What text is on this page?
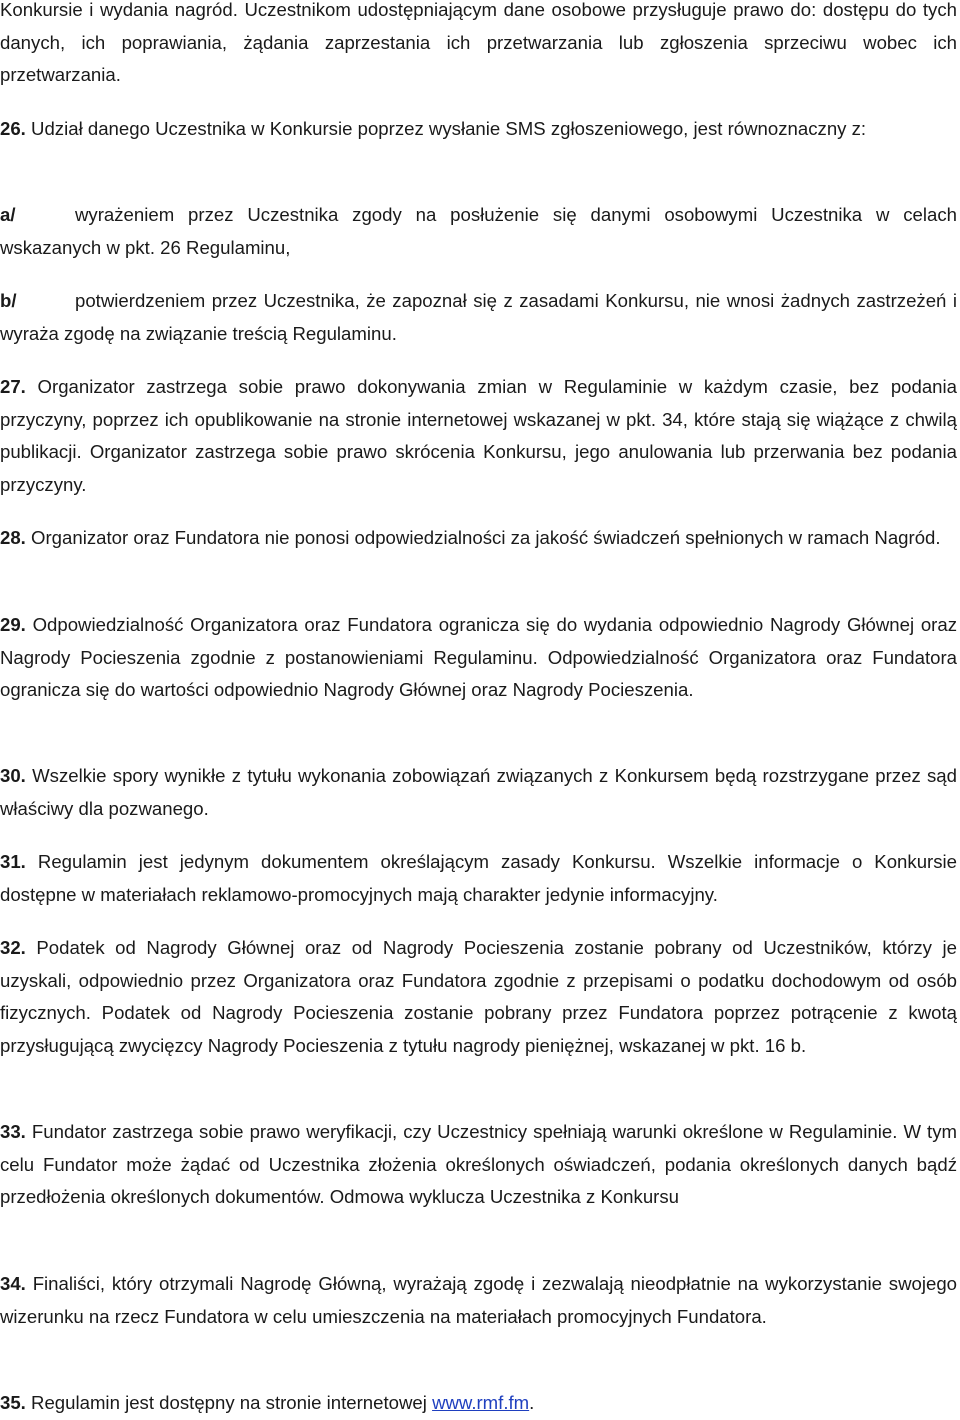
Konkursie i wydania nagród. Uczestnikom udostępniającym dane osobowe przysługuje prawo do: dostępu do tych danych, ich poprawiania, żądania zaprzestania ich przetwarzania lub zgłoszenia sprzeciwu wobec ich przetwarzania.

26. Udział danego Uczestnika w Konkursie poprzez wysłanie SMS zgłoszeniowego, jest równoznaczny z:

a/	wyrażeniem przez Uczestnika zgody na posłużenie się danymi osobowymi Uczestnika w celach wskazanych w pkt. 26 Regulaminu,

b/	potwierdzeniem przez Uczestnika, że zapoznał się z zasadami Konkursu, nie wnosi żadnych zastrzeżeń i wyraża zgodę na związanie treścią Regulaminu.

27. Organizator zastrzega sobie prawo dokonywania zmian w Regulaminie w każdym czasie, bez podania przyczyny, poprzez ich opublikowanie na stronie internetowej wskazanej w pkt. 34, które stają się wiążące z chwilą publikacji. Organizator zastrzega sobie prawo skrócenia Konkursu, jego anulowania lub przerwania bez podania przyczyny.

28. Organizator oraz Fundatora nie ponosi odpowiedzialności za jakość świadczeń spełnionych w ramach Nagród.

29. Odpowiedzialność Organizatora oraz Fundatora ogranicza się do wydania odpowiednio Nagrody Głównej oraz Nagrody Pocieszenia zgodnie z postanowieniami Regulaminu. Odpowiedzialność Organizatora oraz Fundatora ogranicza się do wartości odpowiednio Nagrody Głównej oraz Nagrody Pocieszenia.

30. Wszelkie spory wynikłe z tytułu wykonania zobowiązań związanych z Konkursem będą rozstrzygane przez sąd właściwy dla pozwanego.

31. Regulamin jest jedynym dokumentem określającym zasady Konkursu. Wszelkie informacje o Konkursie dostępne w materiałach reklamowo-promocyjnych mają charakter jedynie informacyjny.

32. Podatek od Nagrody Głównej oraz od Nagrody Pocieszenia zostanie pobrany od Uczestników, którzy je uzyskali, odpowiednio przez Organizatora oraz Fundatora zgodnie z przepisami o podatku dochodowym od osób fizycznych. Podatek od Nagrody Pocieszenia zostanie pobrany przez Fundatora poprzez potrącenie z kwotą przysługującą zwycięzcy Nagrody Pocieszenia z tytułu nagrody pieniężnej, wskazanej w pkt. 16 b.

33. Fundator zastrzega sobie prawo weryfikacji, czy Uczestnicy spełniają warunki określone w Regulaminie. W tym celu Fundator może żądać od Uczestnika złożenia określonych oświadczeń, podania określonych danych bądź przedłożenia określonych dokumentów. Odmowa wyklucza Uczestnika z Konkursu

34. Finaliści, który otrzymali Nagrodę Główną, wyrażają zgodę i zezwalają nieodpłatnie na wykorzystanie swojego wizerunku na rzecz Fundatora w celu umieszczenia na materiałach promocyjnych Fundatora.

35. Regulamin jest dostępny na stronie internetowej www.rmf.fm.
